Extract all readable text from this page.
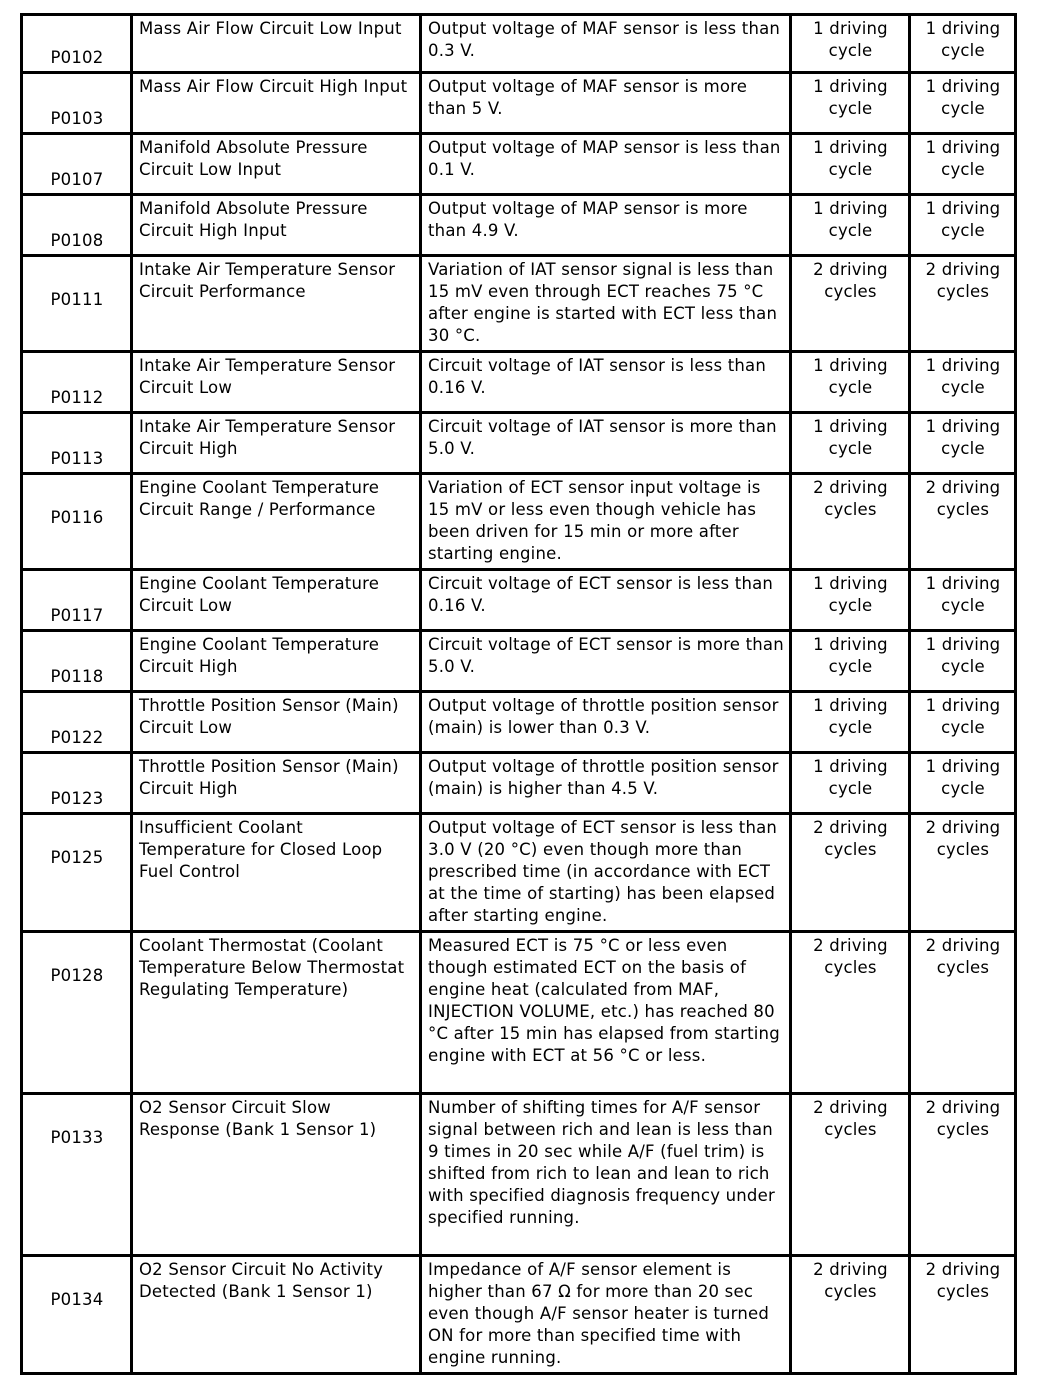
P0102	Mass Air Flow Circuit Low Input	Output voltage of MAF sensor is less than 0.3 V.	1 driving cycle	1 driving cycle
P0103	Mass Air Flow Circuit High Input	Output voltage of MAF sensor is more than 5 V.	1 driving cycle	1 driving cycle
P0107	Manifold Absolute Pressure Circuit Low Input	Output voltage of MAP sensor is less than 0.1 V.	1 driving cycle	1 driving cycle
P0108	Manifold Absolute Pressure Circuit High Input	Output voltage of MAP sensor is more than 4.9 V.	1 driving cycle	1 driving cycle
P0111	Intake Air Temperature Sensor Circuit Performance	Variation of IAT sensor signal is less than 15 mV even through ECT reaches 75 °C after engine is started with ECT less than 30 °C.	2 driving cycles	2 driving cycles
P0112	Intake Air Temperature Sensor Circuit Low	Circuit voltage of IAT sensor is less than 0.16 V.	1 driving cycle	1 driving cycle
P0113	Intake Air Temperature Sensor Circuit High	Circuit voltage of IAT sensor is more than 5.0 V.	1 driving cycle	1 driving cycle
P0116	Engine Coolant Temperature Circuit Range / Performance	Variation of ECT sensor input voltage is 15 mV or less even though vehicle has been driven for 15 min or more after starting engine.	2 driving cycles	2 driving cycles
P0117	Engine Coolant Temperature Circuit Low	Circuit voltage of ECT sensor is less than 0.16 V.	1 driving cycle	1 driving cycle
P0118	Engine Coolant Temperature Circuit High	Circuit voltage of ECT sensor is more than 5.0 V.	1 driving cycle	1 driving cycle
P0122	Throttle Position Sensor (Main) Circuit Low	Output voltage of throttle position sensor (main) is lower than 0.3 V.	1 driving cycle	1 driving cycle
P0123	Throttle Position Sensor (Main) Circuit High	Output voltage of throttle position sensor (main) is higher than 4.5 V.	1 driving cycle	1 driving cycle
P0125	Insufficient Coolant Temperature for Closed Loop Fuel Control	Output voltage of ECT sensor is less than 3.0 V (20 °C) even though more than prescribed time (in accordance with ECT at the time of starting) has been elapsed after starting engine.	2 driving cycles	2 driving cycles
P0128	Coolant Thermostat (Coolant Temperature Below Thermostat Regulating Temperature)	Measured ECT is 75 °C or less even though estimated ECT on the basis of engine heat (calculated from MAF, INJECTION VOLUME, etc.) has reached 80 °C after 15 min has elapsed from starting engine with ECT at 56 °C or less.	2 driving cycles	2 driving cycles
P0133	O2 Sensor Circuit Slow Response (Bank 1 Sensor 1)	Number of shifting times for A/F sensor signal between rich and lean is less than 9 times in 20 sec while A/F (fuel trim) is shifted from rich to lean and lean to rich with specified diagnosis frequency under specified running.	2 driving cycles	2 driving cycles
P0134	O2 Sensor Circuit No Activity Detected (Bank 1 Sensor 1)	Impedance of A/F sensor element is higher than 67 Ω for more than 20 sec even though A/F sensor heater is turned ON for more than specified time with engine running.	2 driving cycles	2 driving cycles
